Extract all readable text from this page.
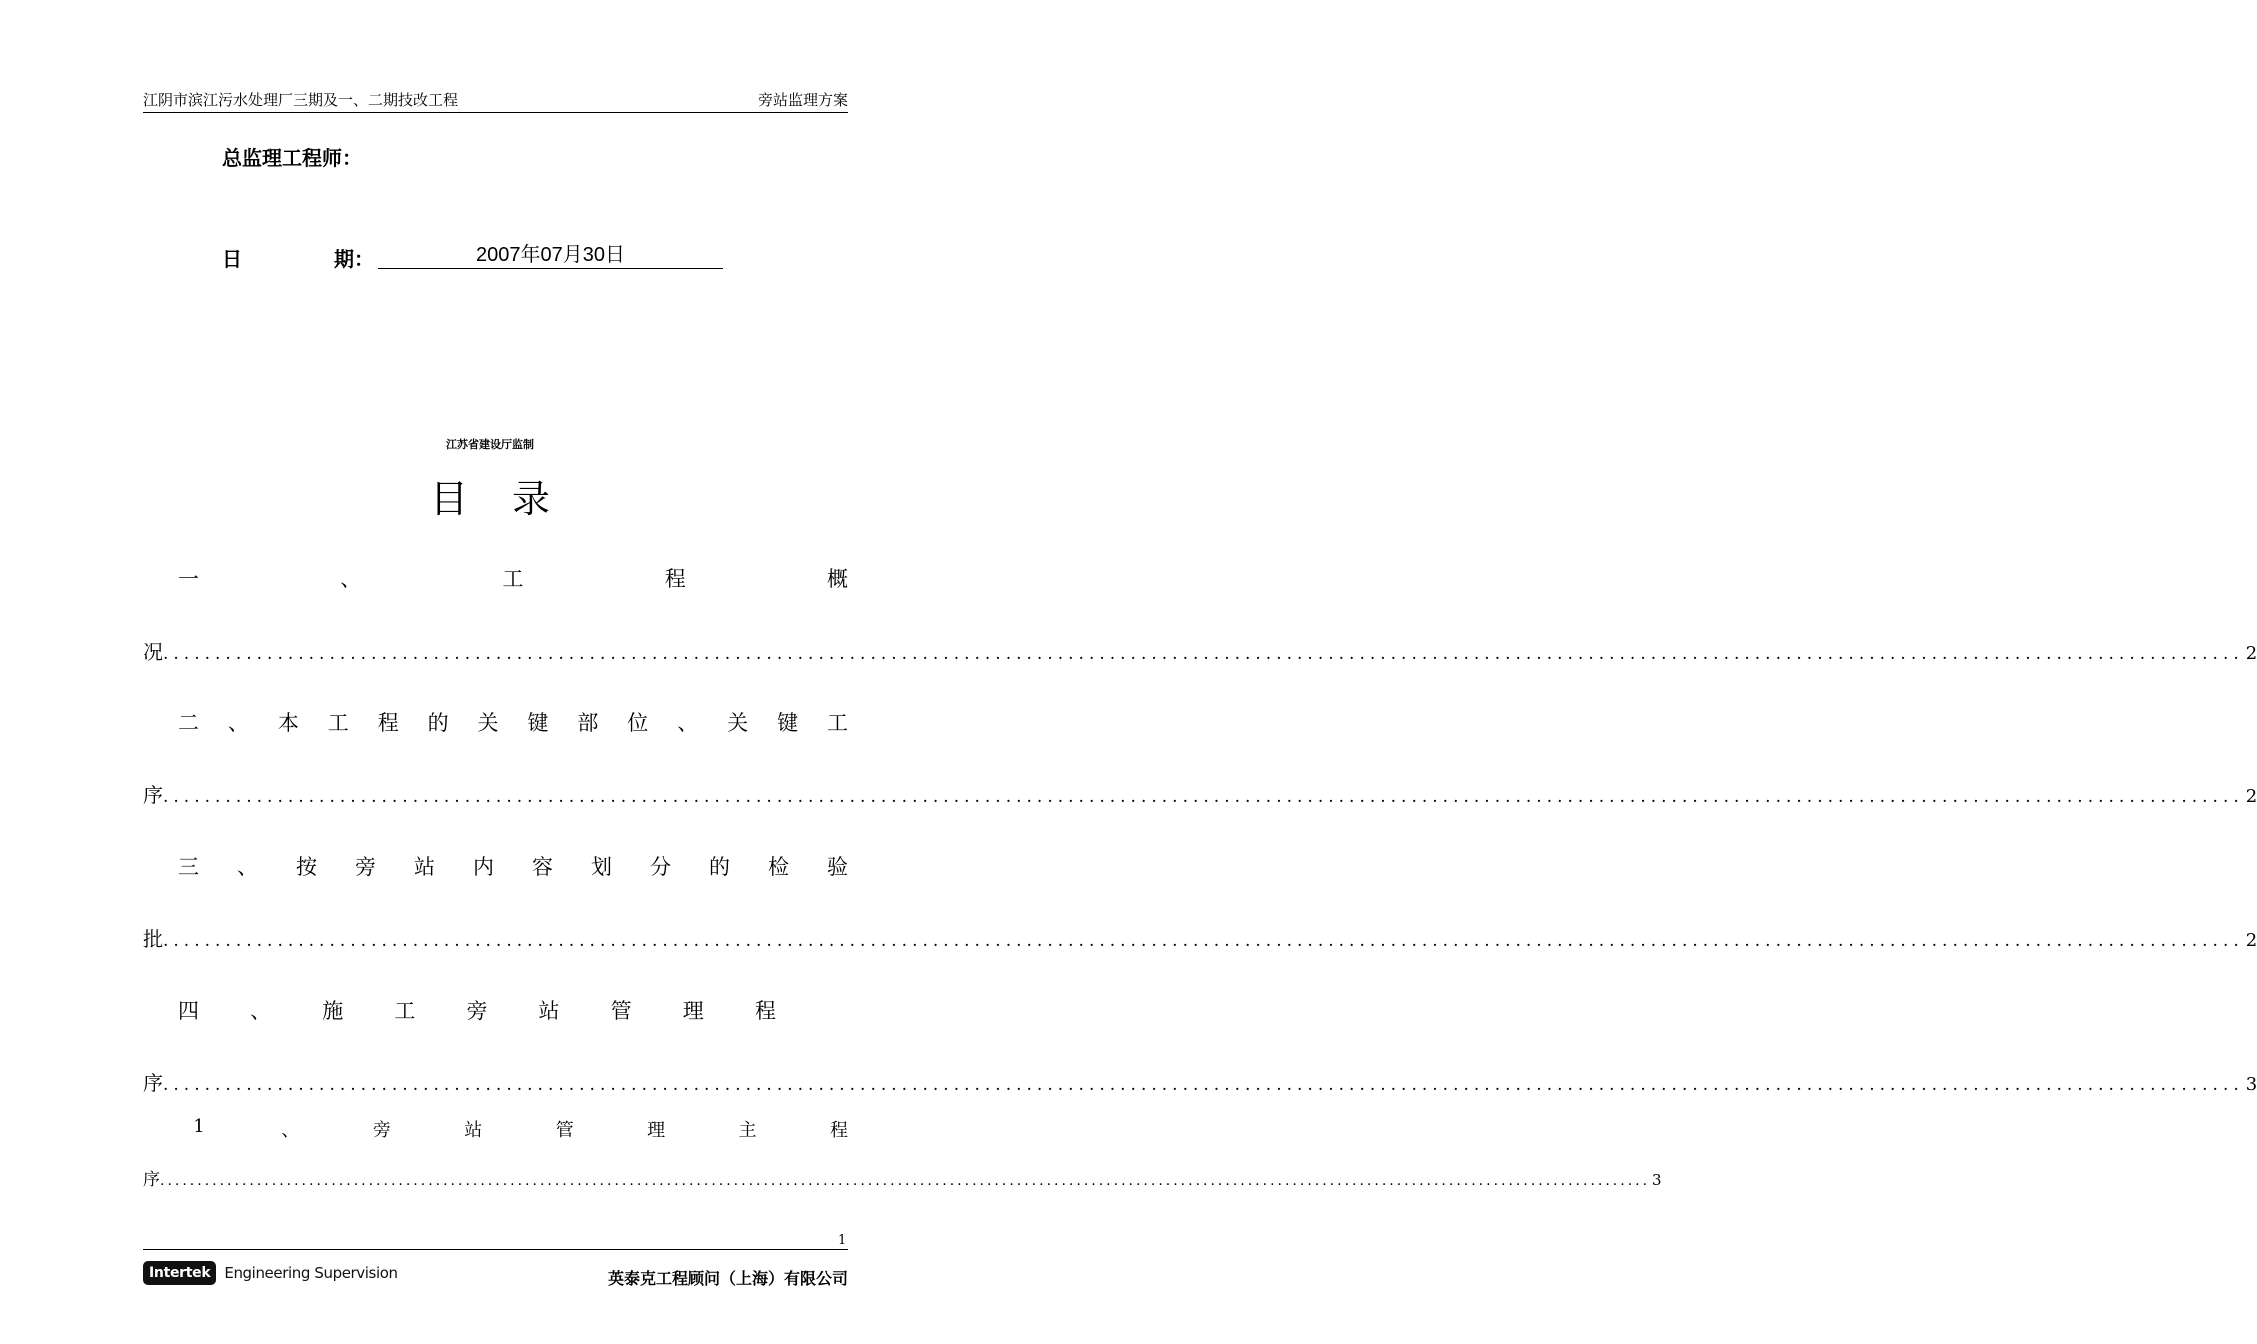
江阴市滨江污水处理厂三期及一、二期技改工程	旁站监理方案
总监理工程师：
日	期：	2007年07月30日
江苏省建设厅监制
目 录
一	、	工	程	概
况 ........................................................................................................................................................................................................ 2
二 、 本 工 程 的 关 键 部 位 、 关 键 工
序 ........................................................................................................................................................................................................ 2
三 、 按 旁 站 内 容 划 分 的 检 验
批 ........................................................................................................................................................................................................ 2
四 、 施 工 旁 站 管 理 程
序 ........................................................................................................................................................................................................ 3
1	、	旁	站	管	理	主	程
序 ........................................................................................................................................................................................................ 3
1
Intertek Engineering Supervision	英泰克工程顾问（上海）有限公司
